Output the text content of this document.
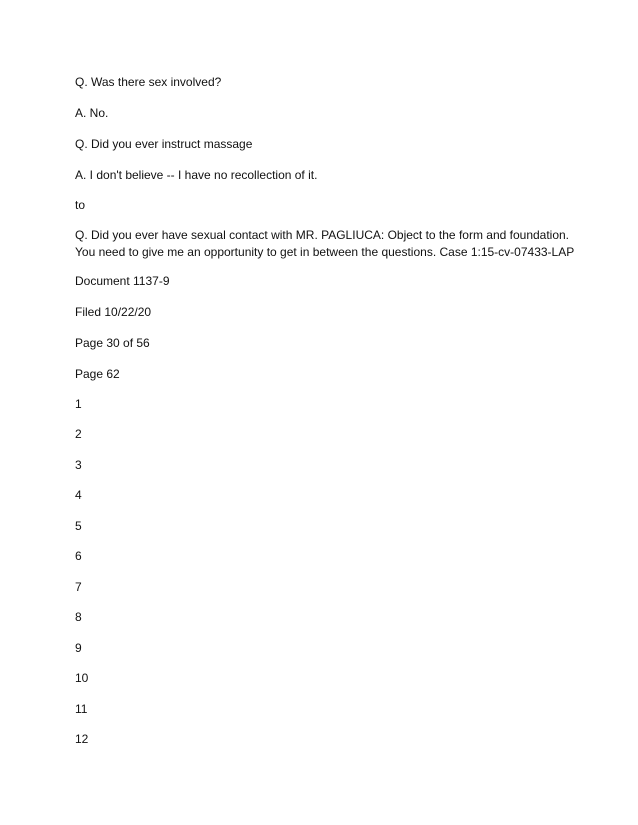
Q. Was there sex involved?
A. No.
Q. Did you ever instruct massage
A. I don't believe -- I have no recollection of it.
to
Q. Did you ever have sexual contact with MR. PAGLIUCA: Object to the form and foundation. You need to give me an opportunity to get in between the questions. Case 1:15-cv-07433-LAP
Document 1137-9
Filed 10/22/20
Page 30 of 56
Page 62
1
2
3
4
5
6
7
8
9
10
11
12
